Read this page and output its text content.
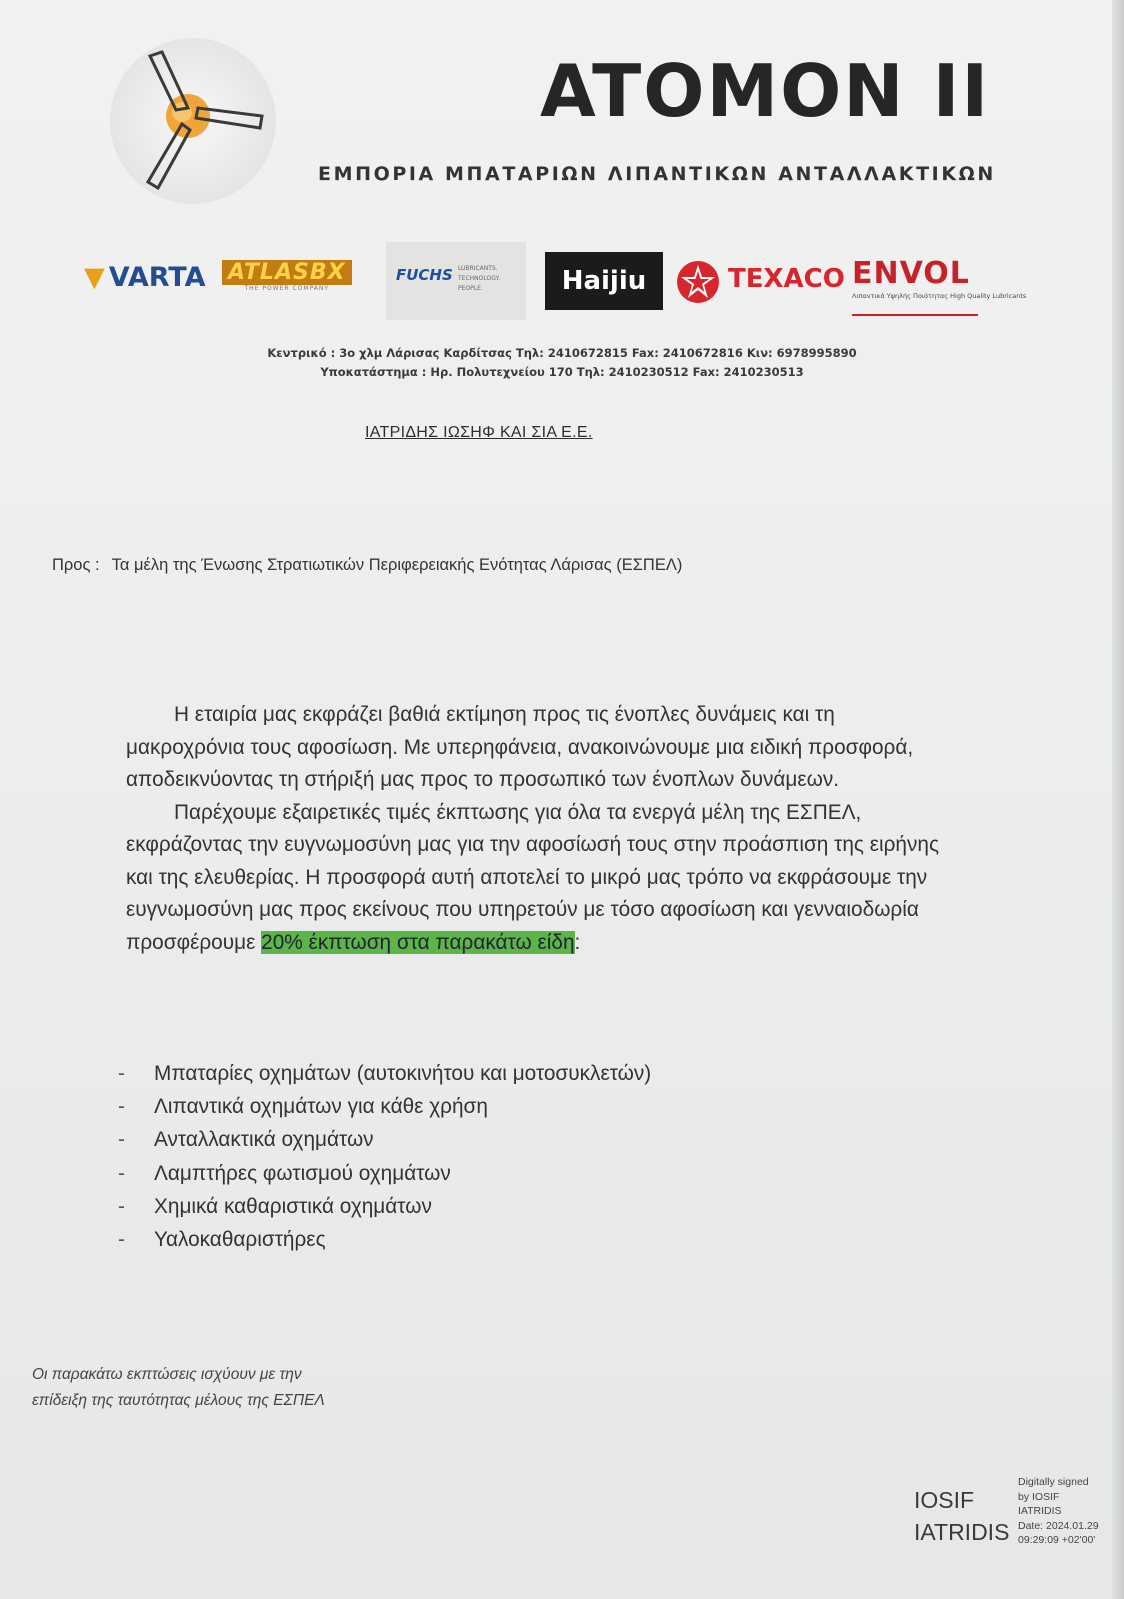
ATOMON II
ΕΜΠΟΡΙΑ ΜΠΑΤΑΡΙΩΝ ΛΙΠΑΝΤΙΚΩΝ ΑΝΤΑΛΛΑΚΤΙΚΩΝ
▼ VARTA ATLASBX
THE POWER COMPANY
FUCHS LUBRICANTS.
TECHNOLOGY.
PEOPLE.	Haijiu	TEXACO ENVOL
Λιπαντικά Υψηλής Ποιότητας High Quality Lubricants
Κεντρικό : 3ο χλμ Λάρισας Καρδίτσας Τηλ: 2410672815 Fax: 2410672816 Κιν: 6978995890
Υποκατάστημα : Ηρ. Πολυτεχνείου 170 Τηλ: 2410230512 Fax: 2410230513
ΙΑΤΡΙΔΗΣ ΙΩΣΗΦ ΚΑΙ ΣΙΑ Ε.Ε.
Προς : Τα μέλη της Ένωσης Στρατιωτικών Περιφερειακής Ενότητας Λάρισας (ΕΣΠΕΛ)

Η εταιρία μας εκφράζει βαθιά εκτίμηση προς τις ένοπλες δυνάμεις και τη μακροχρόνια τους αφοσίωση. Με υπερηφάνεια, ανακοινώνουμε μια ειδική προσφορά, αποδεικνύοντας τη στήριξή μας προς το προσωπικό των ένοπλων δυνάμεων.

Παρέχουμε εξαιρετικές τιμές έκπτωσης για όλα τα ενεργά μέλη της ΕΣΠΕΛ, εκφράζοντας την ευγνωμοσύνη μας για την αφοσίωσή τους στην προάσπιση της ειρήνης και της ελευθερίας. Η προσφορά αυτή αποτελεί το μικρό μας τρόπο να εκφράσουμε την ευγνωμοσύνη μας προς εκείνους που υπηρετούν με τόσο αφοσίωση και γενναιοδωρία προσφέρουμε 20% έκπτωση στα παρακάτω είδη:

- Μπαταρίες οχημάτων (αυτοκινήτου και μοτοσυκλετών)
- Λιπαντικά οχημάτων για κάθε χρήση
- Ανταλλακτικά οχημάτων
- Λαμπτήρες φωτισμού οχημάτων
- Χημικά καθαριστικά οχημάτων
- Υαλοκαθαριστήρες
Οι παρακάτω εκπτώσεις ισχύουν με την
επίδειξη της ταυτότητας μέλους της ΕΣΠΕΛ
IOSIF
IATRIDIS
Digitally signed
by IOSIF
IATRIDIS
Date: 2024.01.29
09:29:09 +02'00'
